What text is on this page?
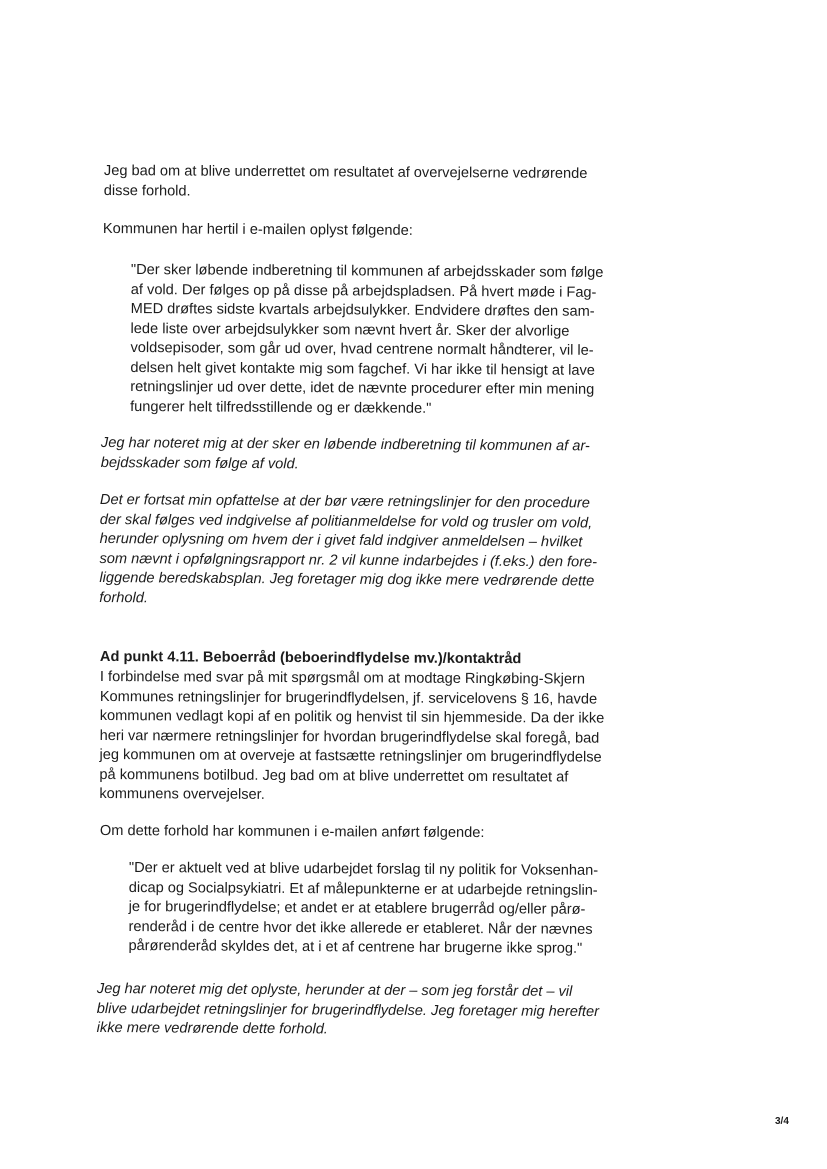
Jeg bad om at blive underrettet om resultatet af overvejelserne vedrørende
disse forhold.
Kommunen har hertil i e-mailen oplyst følgende:
"Der sker løbende indberetning til kommunen af arbejdsskader som følge
af vold. Der følges op på disse på arbejdspladsen. På hvert møde i Fag-
MED drøftes sidste kvartals arbejdsulykker. Endvidere drøftes den sam-
lede liste over arbejdsulykker som nævnt hvert år. Sker der alvorlige
voldsepisoder, som går ud over, hvad centrene normalt håndterer, vil le-
delsen helt givet kontakte mig som fagchef. Vi har ikke til hensigt at lave
retningslinjer ud over dette, idet de nævnte procedurer efter min mening
fungerer helt tilfredsstillende og er dækkende."
Jeg har noteret mig at der sker en løbende indberetning til kommunen af ar-
bejdsskader som følge af vold.
Det er fortsat min opfattelse at der bør være retningslinjer for den procedure
der skal følges ved indgivelse af politianmeldelse for vold og trusler om vold,
herunder oplysning om hvem der i givet fald indgiver anmeldelsen – hvilket
som nævnt i opfølgningsrapport nr. 2 vil kunne indarbejdes i (f.eks.) den fore-
liggende beredskabsplan. Jeg foretager mig dog ikke mere vedrørende dette
forhold.
Ad punkt 4.11. Beboerråd (beboerindflydelse mv.)/kontaktråd
I forbindelse med svar på mit spørgsmål om at modtage Ringkøbing-Skjern
Kommunes retningslinjer for brugerindflydelsen, jf. servicelovens § 16, havde
kommunen vedlagt kopi af en politik og henvist til sin hjemmeside. Da der ikke
heri var nærmere retningslinjer for hvordan brugerindflydelse skal foregå, bad
jeg kommunen om at overveje at fastsætte retningslinjer om brugerindflydelse
på kommunens botilbud. Jeg bad om at blive underrettet om resultatet af
kommunens overvejelser.
Om dette forhold har kommunen i e-mailen anført følgende:
"Der er aktuelt ved at blive udarbejdet forslag til ny politik for Voksenhan-
dicap og Socialpsykiatri. Et af målepunkterne er at udarbejde retningslin-
je for brugerindflydelse; et andet er at etablere brugerråd og/eller pårø-
renderåd i de centre hvor det ikke allerede er etableret. Når der nævnes
pårørenderåd skyldes det, at i et af centrene har brugerne ikke sprog."
Jeg har noteret mig det oplyste, herunder at der – som jeg forstår det – vil
blive udarbejdet retningslinjer for brugerindflydelse. Jeg foretager mig herefter
ikke mere vedrørende dette forhold.
3/4
